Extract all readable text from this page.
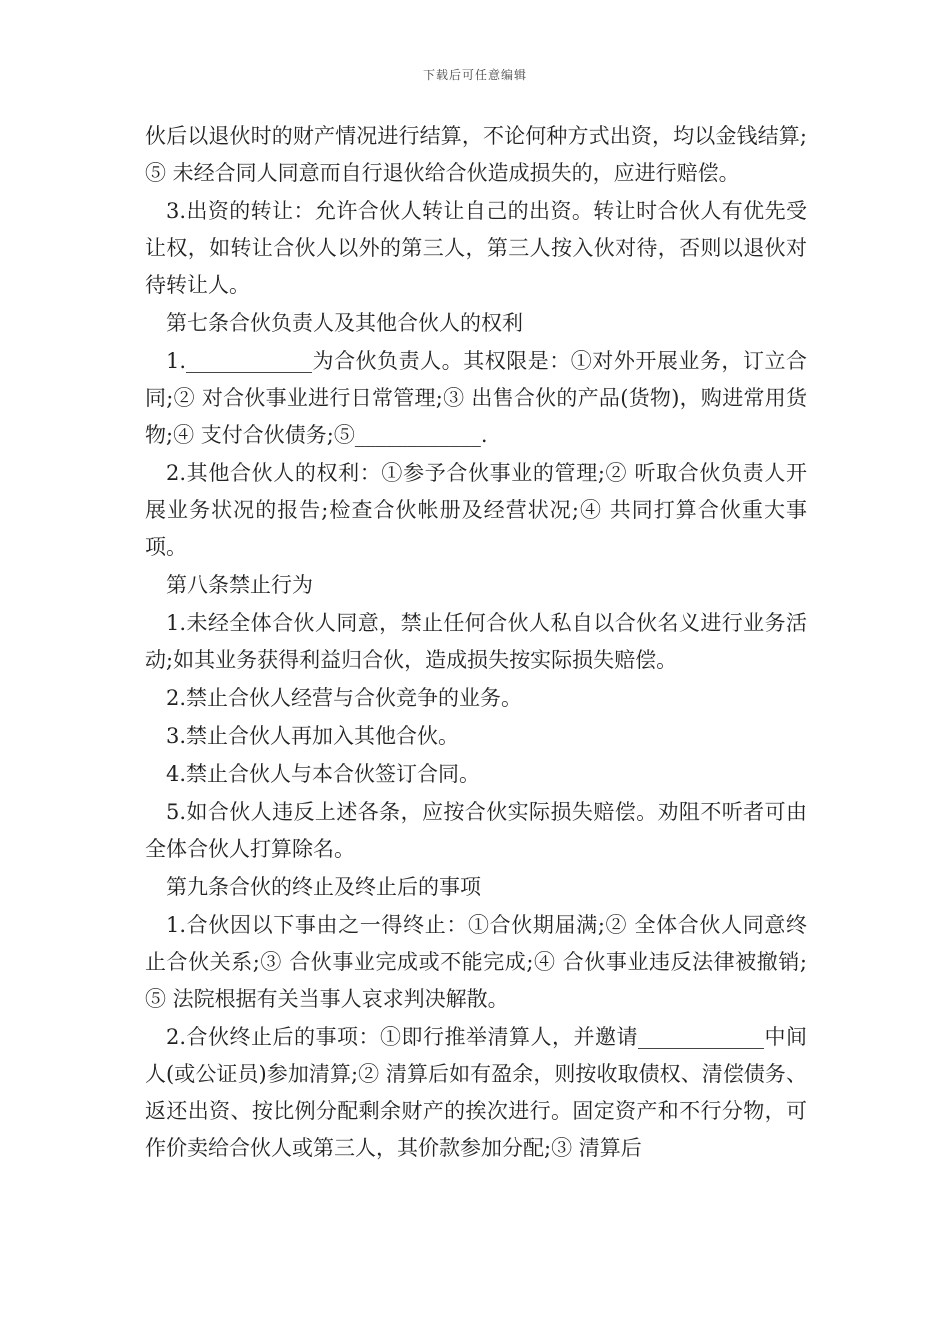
下载后可任意编辑

伙后以退伙时的财产情况进行结算，不论何种方式出资，均以金钱结算;⑤ 未经合同人同意而自行退伙给合伙造成损失的，应进行赔偿。

3.出资的转让：允许合伙人转让自己的出资。转让时合伙人有优先受让权，如转让合伙人以外的第三人，第三人按入伙对待，否则以退伙对待转让人。

第七条合伙负责人及其他合伙人的权利

1.____________为合伙负责人。其权限是：①对外开展业务，订立合同;② 对合伙事业进行日常管理;③ 出售合伙的产品(货物)，购进常用货物;④ 支付合伙债务;⑤____________.

2.其他合伙人的权利：①参予合伙事业的管理;② 听取合伙负责人开展业务状况的报告;检查合伙帐册及经营状况;④ 共同打算合伙重大事项。

第八条禁止行为

1.未经全体合伙人同意，禁止任何合伙人私自以合伙名义进行业务活动;如其业务获得利益归合伙，造成损失按实际损失赔偿。

2.禁止合伙人经营与合伙竞争的业务。

3.禁止合伙人再加入其他合伙。

4.禁止合伙人与本合伙签订合同。

5.如合伙人违反上述各条，应按合伙实际损失赔偿。劝阻不听者可由全体合伙人打算除名。

第九条合伙的终止及终止后的事项

1.合伙因以下事由之一得终止：①合伙期届满;② 全体合伙人同意终止合伙关系;③ 合伙事业完成或不能完成;④ 合伙事业违反法律被撤销;⑤ 法院根据有关当事人哀求判决解散。

2.合伙终止后的事项：①即行推举清算人，并邀请____________中间人(或公证员)参加清算;② 清算后如有盈余，则按收取债权、清偿债务、返还出资、按比例分配剩余财产的挨次进行。固定资产和不行分物，可作价卖给合伙人或第三人，其价款参加分配;③ 清算后
